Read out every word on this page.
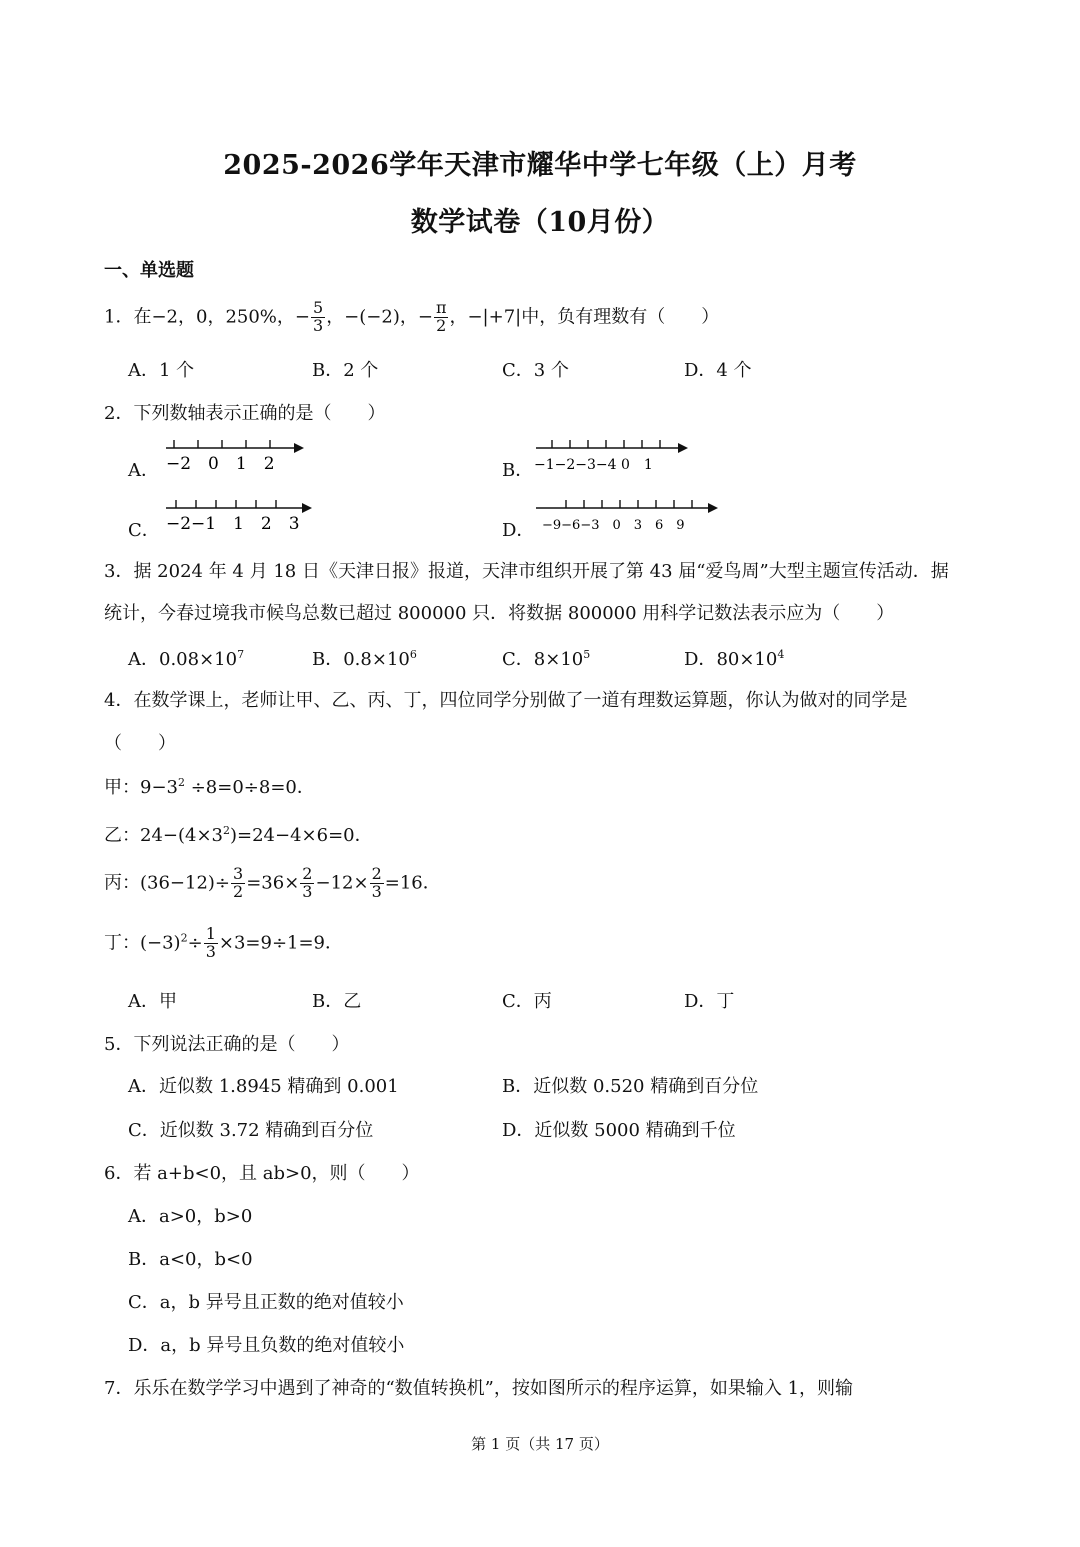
2025-2026学年天津市耀华中学七年级（上）月考
数学试卷（10月份）
一、单选题
1．在−2，0，250%，− $\frac{5}{3}$ ，−(−2)，− $\frac{\pi}{2}$ ，−|+7|中，负有理数有（　　）
A．1 个	B．2 个	C．3 个	D．4 个
2．下列数轴表示正确的是（　　）
A． −2　0　1　2	B． −1−2−3−4 0　1
C． −2−1　1　2　3	D． −9−6−3　0　3　6　9
3．据 2024 年 4 月 18 日《天津日报》报道，天津市组织开展了第 43 届“爱鸟周”大型主题宣传活动．据
统计，今春过境我市候鸟总数已超过 800000 只．将数据 800000 用科学记数法表示应为（　　）
A．$0.08\times 10^7$	B．$0.8\times 10^6$	C．$8\times 10^5$	D．$80\times 10^4$
4．在数学课上，老师让甲、乙、丙、丁，四位同学分别做了一道有理数运算题，你认为做对的同学是
（　　）
甲：$9-3^2 \div 8=0\div 8=0$．
乙：$24-(4\times 3^2)=24-4\times 6=0$．
丙：$(36-12)\div \frac{3}{2} =36\times \frac{2}{3} -12\times \frac{2}{3} =16$．
丁：$(-3)^2\div \frac{1}{3} \times 3=9\div 1=9$．
A．甲	B．乙	C．丙	D．丁
5．下列说法正确的是（　　）
A．近似数 1.8945 精确到 0.001	B．近似数 0.520 精确到百分位
C．近似数 3.72 精确到百分位	D．近似数 5000 精确到千位
6．若 a+b<0，且 ab>0，则（　　）
A．a>0，b>0
B．a<0，b<0
C．a，b 异号且正数的绝对值较小
D．a，b 异号且负数的绝对值较小
7．乐乐在数学学习中遇到了神奇的“数值转换机”，按如图所示的程序运算，如果输入 1，则输
第 1 页（共 17 页）
